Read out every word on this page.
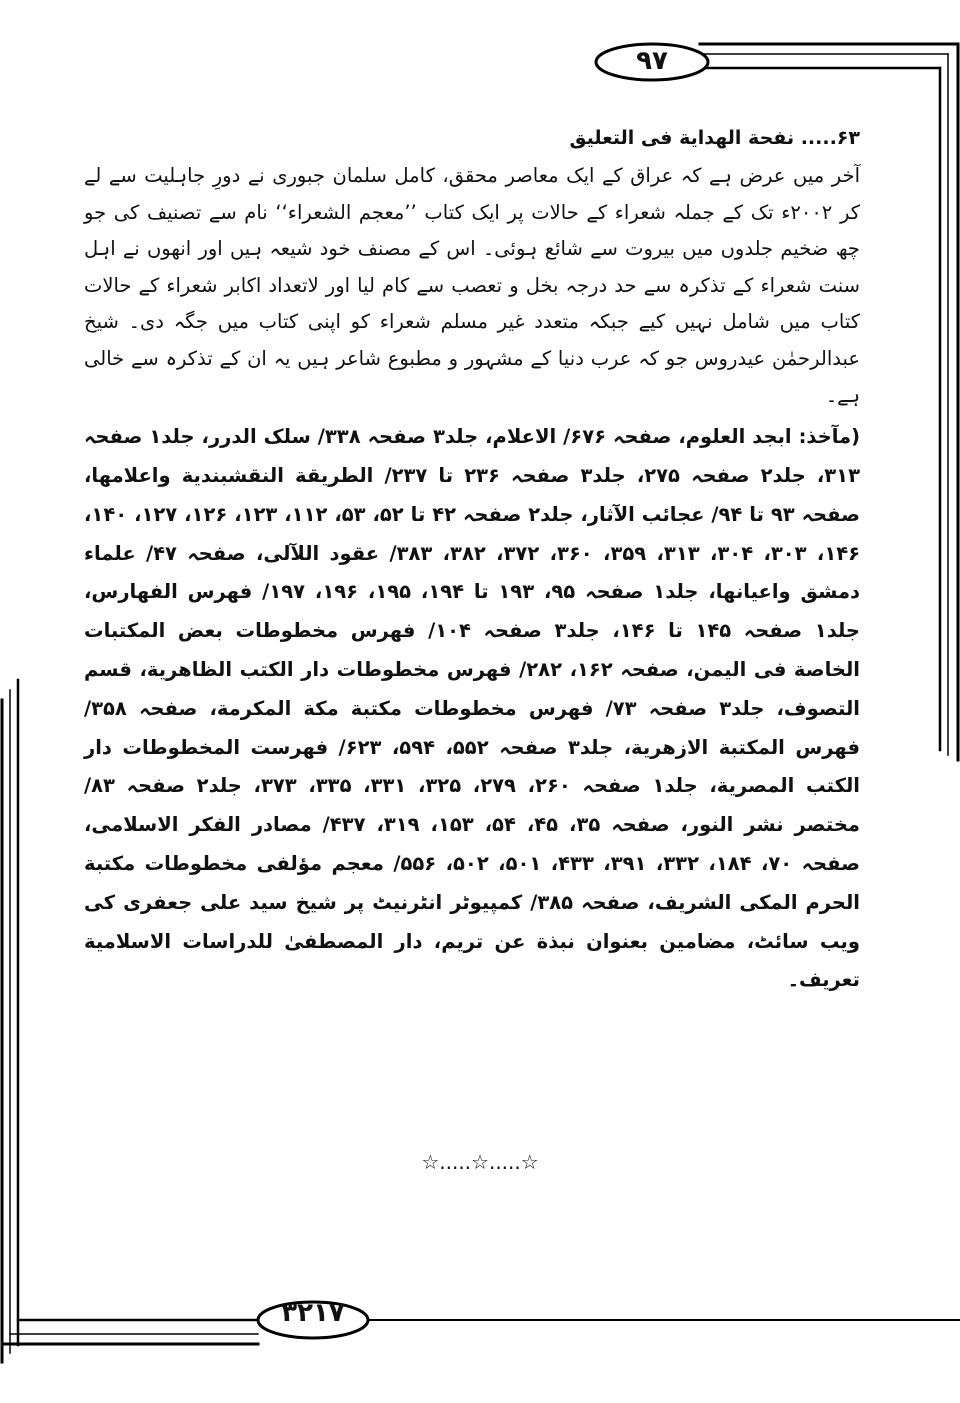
۹۷

۶۳..... نفحة الهداية فی التعليق

آخر میں عرض ہے کہ عراق کے ایک معاصر محقق، کامل سلمان جبوری نے دورِ جاہلیت سے لے کر ۲۰۰۲ء تک کے جملہ شعراء کے حالات پر ایک کتاب ’’معجم الشعراء‘‘ نام سے تصنیف کی جو چھ ضخیم جلدوں میں بیروت سے شائع ہوئی۔ اس کے مصنف خود شیعہ ہیں اور انھوں نے اہل سنت شعراء کے تذکرہ سے حد درجہ بخل و تعصب سے کام لیا اور لاتعداد اکابر شعراء کے حالات کتاب میں شامل نہیں کیے جبکہ متعدد غیر مسلم شعراء کو اپنی کتاب میں جگہ دی۔ شیخ عبدالرحمٰن عیدروس جو کہ عرب دنیا کے مشہور و مطبوع شاعر ہیں یہ ان کے تذکرہ سے خالی ہے۔

(مآخذ: ابجد العلوم، صفحہ ۶۷۶/ الاعلام، جلد۳ صفحہ ۳۳۸/ سلک الدرر، جلد۱ صفحہ ۳۱۳، جلد۲ صفحہ ۲۷۵، جلد۳ صفحہ ۲۳۶ تا ۲۳۷/ الطريقة النقشبندية واعلامها، صفحہ ۹۳ تا ۹۴/ عجائب الآثار، جلد۲ صفحہ ۴۲ تا ۵۲، ۵۳، ۱۱۲، ۱۲۳، ۱۲۶، ۱۲۷، ۱۴۰، ۱۴۶، ۳۰۳، ۳۰۴، ۳۱۳، ۳۵۹، ۳۶۰، ۳۷۲، ۳۸۲، ۳۸۳/ عقود اللآلی، صفحہ ۴۷/ علماء دمشق واعيانها، جلد۱ صفحہ ۹۵، ۱۹۳ تا ۱۹۴، ۱۹۵، ۱۹۶، ۱۹۷/ فهرس الفهارس، جلد۱ صفحہ ۱۴۵ تا ۱۴۶، جلد۳ صفحہ ۱۰۴/ فهرس مخطوطات بعض المكتبات الخاصة فی اليمن، صفحہ ۱۶۲، ۲۸۲/ فهرس مخطوطات دار الكتب الظاهرية، قسم التصوف، جلد۳ صفحہ ۷۳/ فهرس مخطوطات مكتبة مكة المكرمة، صفحہ ۳۵۸/ فهرس المكتبة الازهرية، جلد۳ صفحہ ۵۵۲، ۵۹۴، ۶۲۳/ فهرست المخطوطات دار الكتب المصرية، جلد۱ صفحہ ۲۶۰، ۲۷۹، ۳۲۵، ۳۳۱، ۳۳۵، ۳۷۳، جلد۲ صفحہ ۸۳/ مختصر نشر النور، صفحہ ۳۵، ۴۵، ۵۴، ۱۵۳، ۳۱۹، ۴۳۷/ مصادر الفكر الاسلامی، صفحہ ۷۰، ۱۸۴، ۳۳۲، ۳۹۱، ۴۳۳، ۵۰۱، ۵۰۲، ۵۵۶/ معجم مؤلفی مخطوطات مكتبة الحرم المكی الشريف، صفحہ ۳۸۵/ کمپیوٹر انٹرنیٹ پر شیخ سید علی جعفری کی ویب سائٹ، مضامین بعنوان نبذة عن تريم، دار المصطفیٰ للدراسات الاسلامية تعريف۔

☆.....☆.....☆
۳۲۱۷
